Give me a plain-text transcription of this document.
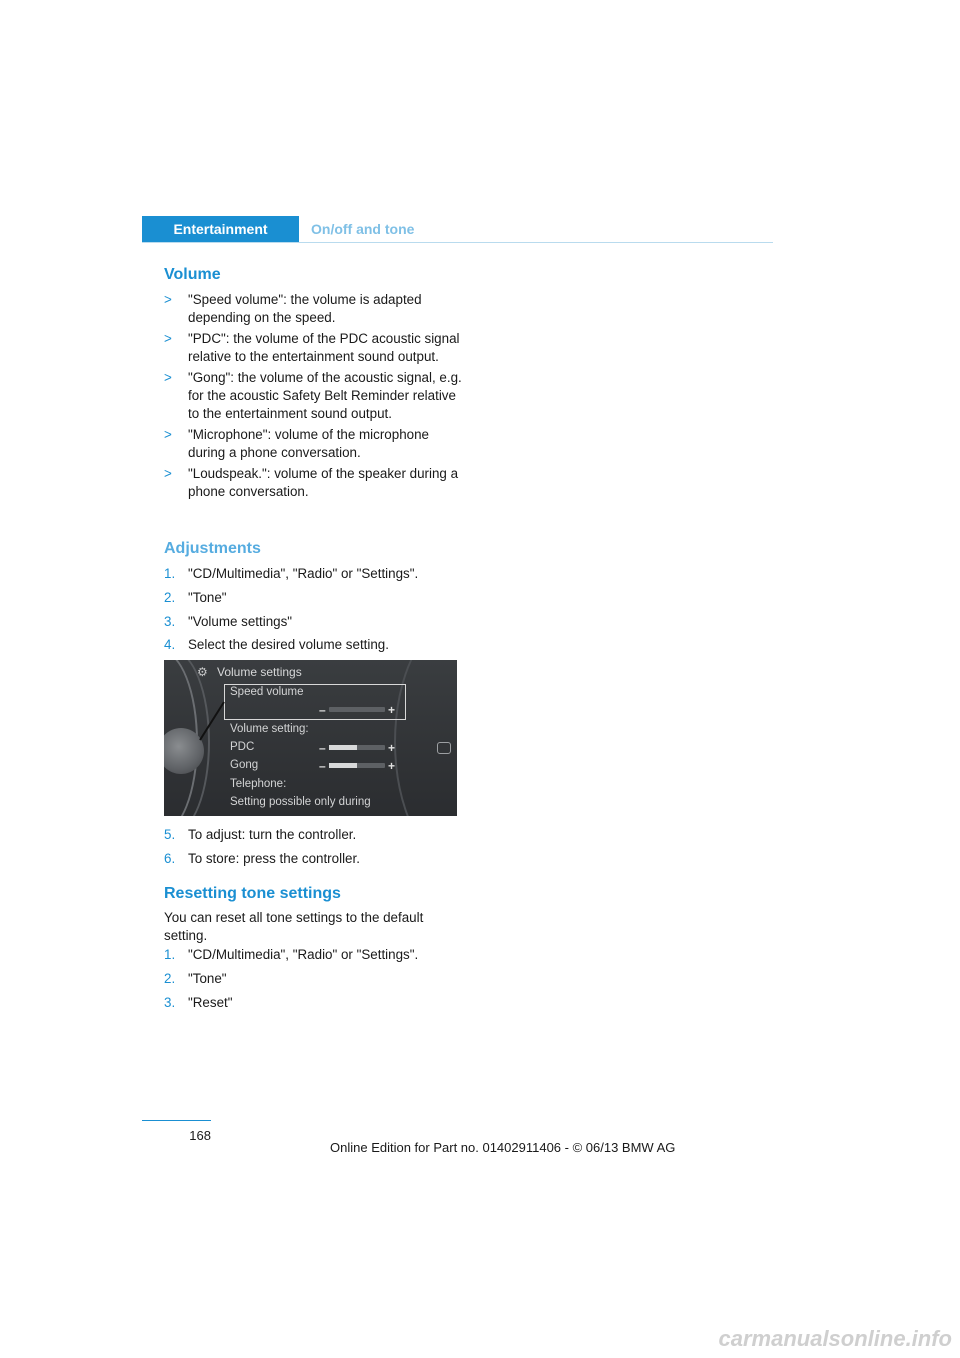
Entertainment	On/off and tone
Volume
> "Speed volume": the volume is adapted depending on the speed.
> "PDC": the volume of the PDC acoustic signal relative to the entertainment sound output.
> "Gong": the volume of the acoustic signal, e.g. for the acoustic Safety Belt Reminder relative to the entertainment sound output.
> "Microphone": volume of the microphone during a phone conversation.
> "Loudspeak.": volume of the speaker during a phone conversation.
Adjustments
1. "CD/Multimedia", "Radio" or "Settings".
2. "Tone"
3. "Volume settings"
4. Select the desired volume setting.
5. To adjust: turn the controller.
6. To store: press the controller.
Resetting tone settings

You can reset all tone settings to the default setting.

1. "CD/Multimedia", "Radio" or "Settings".
2. "Tone"
3. "Reset"
⚙ Volume settings
Speed volume
–	+
Volume setting:
PDC	–	+
Gong	–	+
Telephone:
Setting possible only during
168
Online Edition for Part no. 01402911406 - © 06/13 BMW AG
carmanualsonline.info
